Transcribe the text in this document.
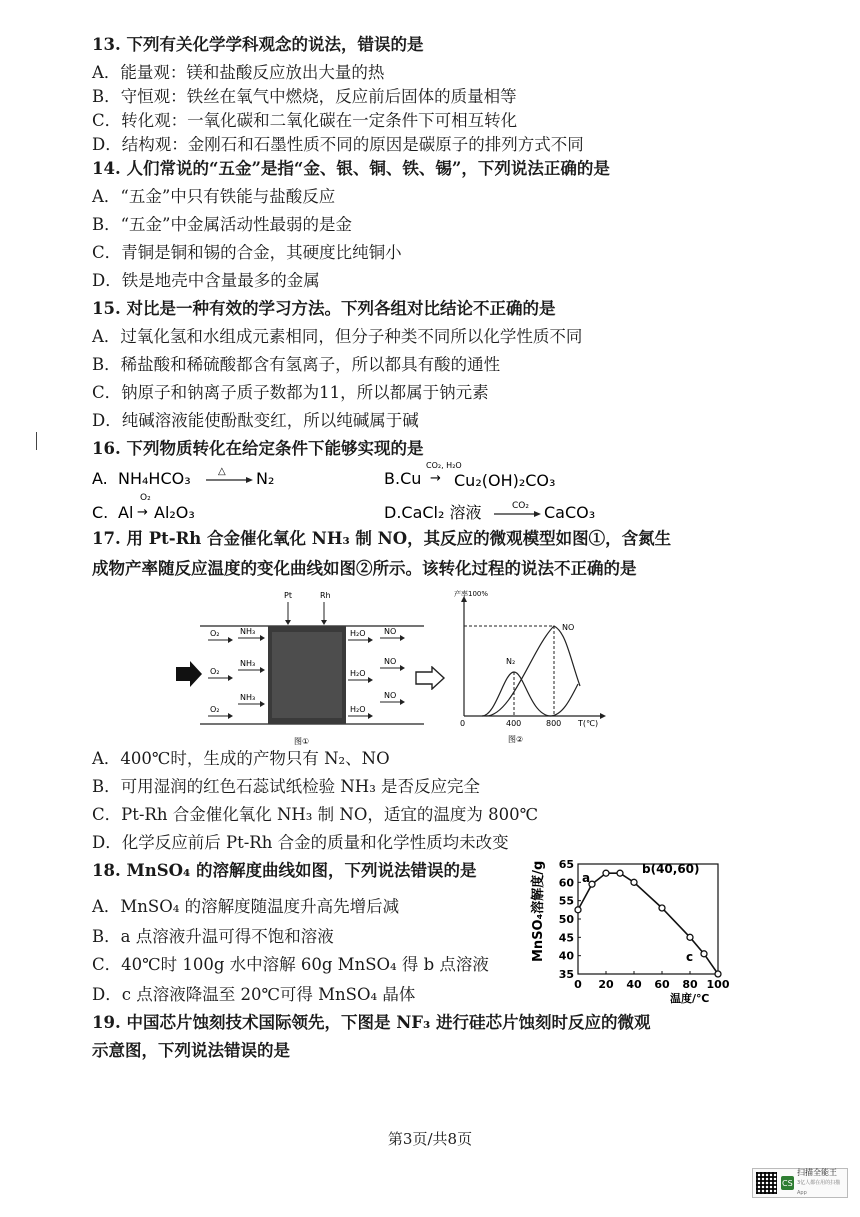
13. 下列有关化学学科观念的说法，错误的是
A．能量观：镁和盐酸反应放出大量的热
B．守恒观：铁丝在氧气中燃烧，反应前后固体的质量相等
C．转化观：一氧化碳和二氧化碳在一定条件下可相互转化
D．结构观：金刚石和石墨性质不同的原因是碳原子的排列方式不同
14. 人们常说的“五金”是指“金、银、铜、铁、锡”，下列说法正确的是
A．“五金”中只有铁能与盐酸反应
B．“五金”中金属活动性最弱的是金
C．青铜是铜和锡的合金，其硬度比纯铜小
D．铁是地壳中含量最多的金属
15. 对比是一种有效的学习方法。下列各组对比结论不正确的是
A．过氧化氢和水组成元素相同，但分子种类不同所以化学性质不同
B．稀盐酸和稀硫酸都含有氢离子，所以都具有酸的通性
C．钠原子和钠离子质子数都为11，所以都属于钠元素
D．纯碱溶液能使酚酞变红，所以纯碱属于碱
16. 下列物质转化在给定条件下能够实现的是
A. NH₄HCO₃	△ N₂	B.Cu
CO₂, H₂O
→ Cu₂(OH)₂CO₃
C.
O₂
Al → Al₂O₃	D.CaCl₂ 溶液	CO₂ CaCO₃
17. 用 Pt-Rh 合金催化氧化 NH₃ 制 NO，其反应的微观模型如图①，含氮生
成物产率随反应温度的变化曲线如图②所示。该转化过程的说法不正确的是
Pt	Rh
O₂	NH₃
O₂
NH₃
NH₃
O₂
H₂O NO
H₂O
NO
NO
H₂O
图①
产率100%
NO
N₂
0	400	800 T(℃)
图②
A．400℃时，生成的产物只有 N₂、NO
B．可用湿润的红色石蕊试纸检验 NH₃ 是否反应完全
C．Pt-Rh 合金催化氧化 NH₃ 制 NO，适宜的温度为 800℃
D．化学反应前后 Pt-Rh 合金的质量和化学性质均未改变
18. MnSO₄ 的溶解度曲线如图，下列说法错误的是
A．MnSO₄ 的溶解度随温度升高先增后减
B．a 点溶液升温可得不饱和溶液
C．40℃时 100g 水中溶解 60g MnSO₄ 得 b 点溶液
D．c 点溶液降温至 20℃可得 MnSO₄ 晶体
MnSO₄溶解度/g
温度/℃
35
40
45
50
55
60
65
0 20 40 60 80 100
a
b(40,60)
c
19. 中国芯片蚀刻技术国际领先，下图是 NF₃ 进行硅芯片蚀刻时反应的微观
示意图，下列说法错误的是
第3页/共8页
CS
扫描全能王
3亿人都在用的扫描App
